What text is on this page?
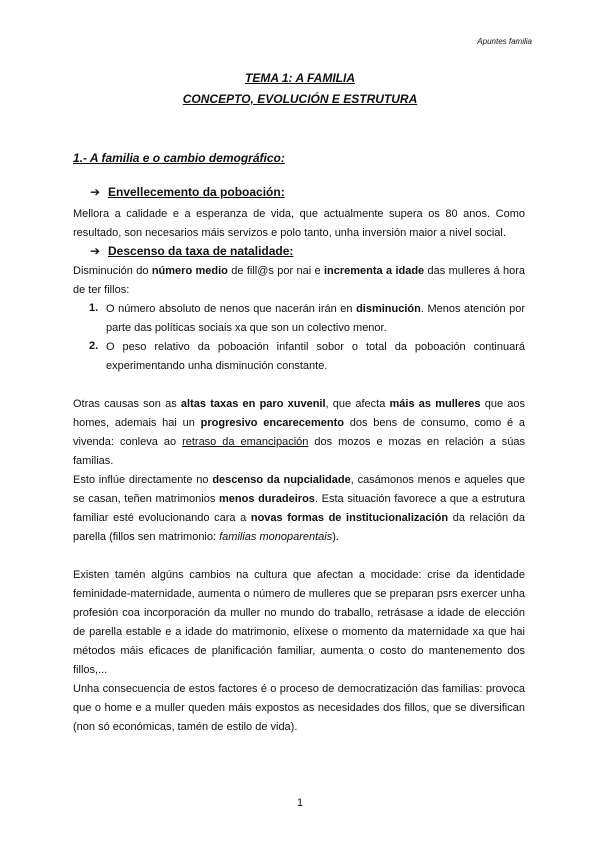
Apuntes familia
TEMA 1: A FAMILIA
CONCEPTO, EVOLUCIÓN E ESTRUTURA
1.- A familia e o cambio demográfico:
➔ Envellecemento da poboación:
Mellora a calidade e a esperanza de vida, que actualmente supera os 80 anos. Como
resultado, son necesarios máis servizos e polo tanto, unha inversión maior a nivel social.
➔ Descenso da taxa de natalidade:
Disminución do número medio de fill@s por nai e incrementa a idade das mulleres á hora
de ter fillos:
1. O número absoluto de nenos que nacerán irán en disminución. Menos atención por
parte das políticas sociais xa que son un colectivo menor.
2. O peso relativo da poboación infantil sobor o total da poboación continuará
experimentando unha disminución constante.
Otras causas son as altas taxas en paro xuvenil, que afecta máis as mulleres que aos
homes, ademais hai un progresivo encarecemento dos bens de consumo, como é a
vivenda: conleva ao retraso da emancipación dos mozos e mozas en relación a súas
familias.
Esto inflúe directamente no descenso da nupcialidade, casámonos menos e aqueles que
se casan, teñen matrimonios menos duradeiros. Esta situación favorece a que a estrutura
familiar esté evolucionando cara a novas formas de institucionalización da relación da
parella (fillos sen matrimonio: familias monoparentais).
Existen tamén algúns cambios na cultura que afectan a mocidade: crise da identidade
feminidade-maternidade, aumenta o número de mulleres que se preparan psrs exercer unha
profesión coa incorporación da muller no mundo do traballo, retrásase a idade de elección
de parella estable e a idade do matrimonio, elíxese o momento da maternidade xa que hai
métodos máis eficaces de planificación familiar, aumenta o costo do mantenemento dos
fillos,...
Unha consecuencia de estos factores é o proceso de democratización das familias: provoca
que o home e a muller queden máis expostos as necesidades dos fillos, que se diversifican
(non só económicas, tamén de estilo de vida).
1
